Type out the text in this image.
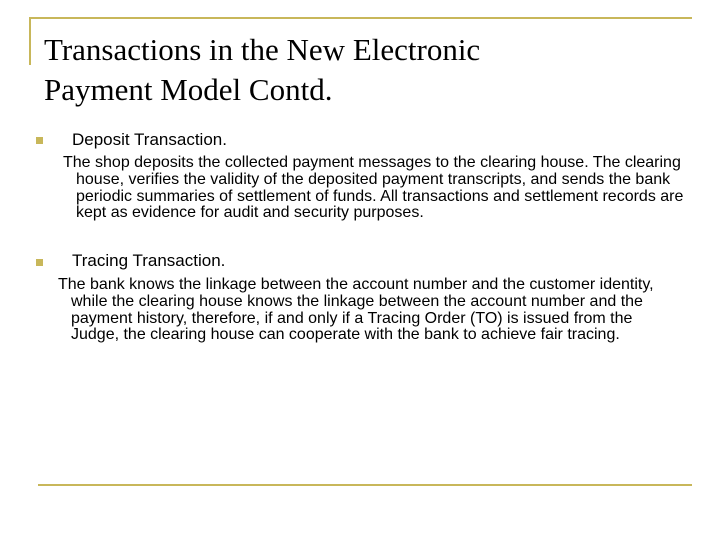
Transactions in the New Electronic
Payment Model Contd.
Deposit Transaction.
The shop deposits the collected payment messages to the clearing house. The clearing house, verifies the validity of the deposited payment transcripts, and sends the bank periodic summaries of settlement of funds. All transactions and settlement records are kept as evidence for audit and security purposes.
Tracing Transaction.
The bank knows the linkage between the account number and the customer identity, while the clearing house knows the linkage between the account number and the payment history, therefore, if and only if a Tracing Order (TO) is issued from the Judge, the clearing house can cooperate with the bank to achieve fair tracing.
